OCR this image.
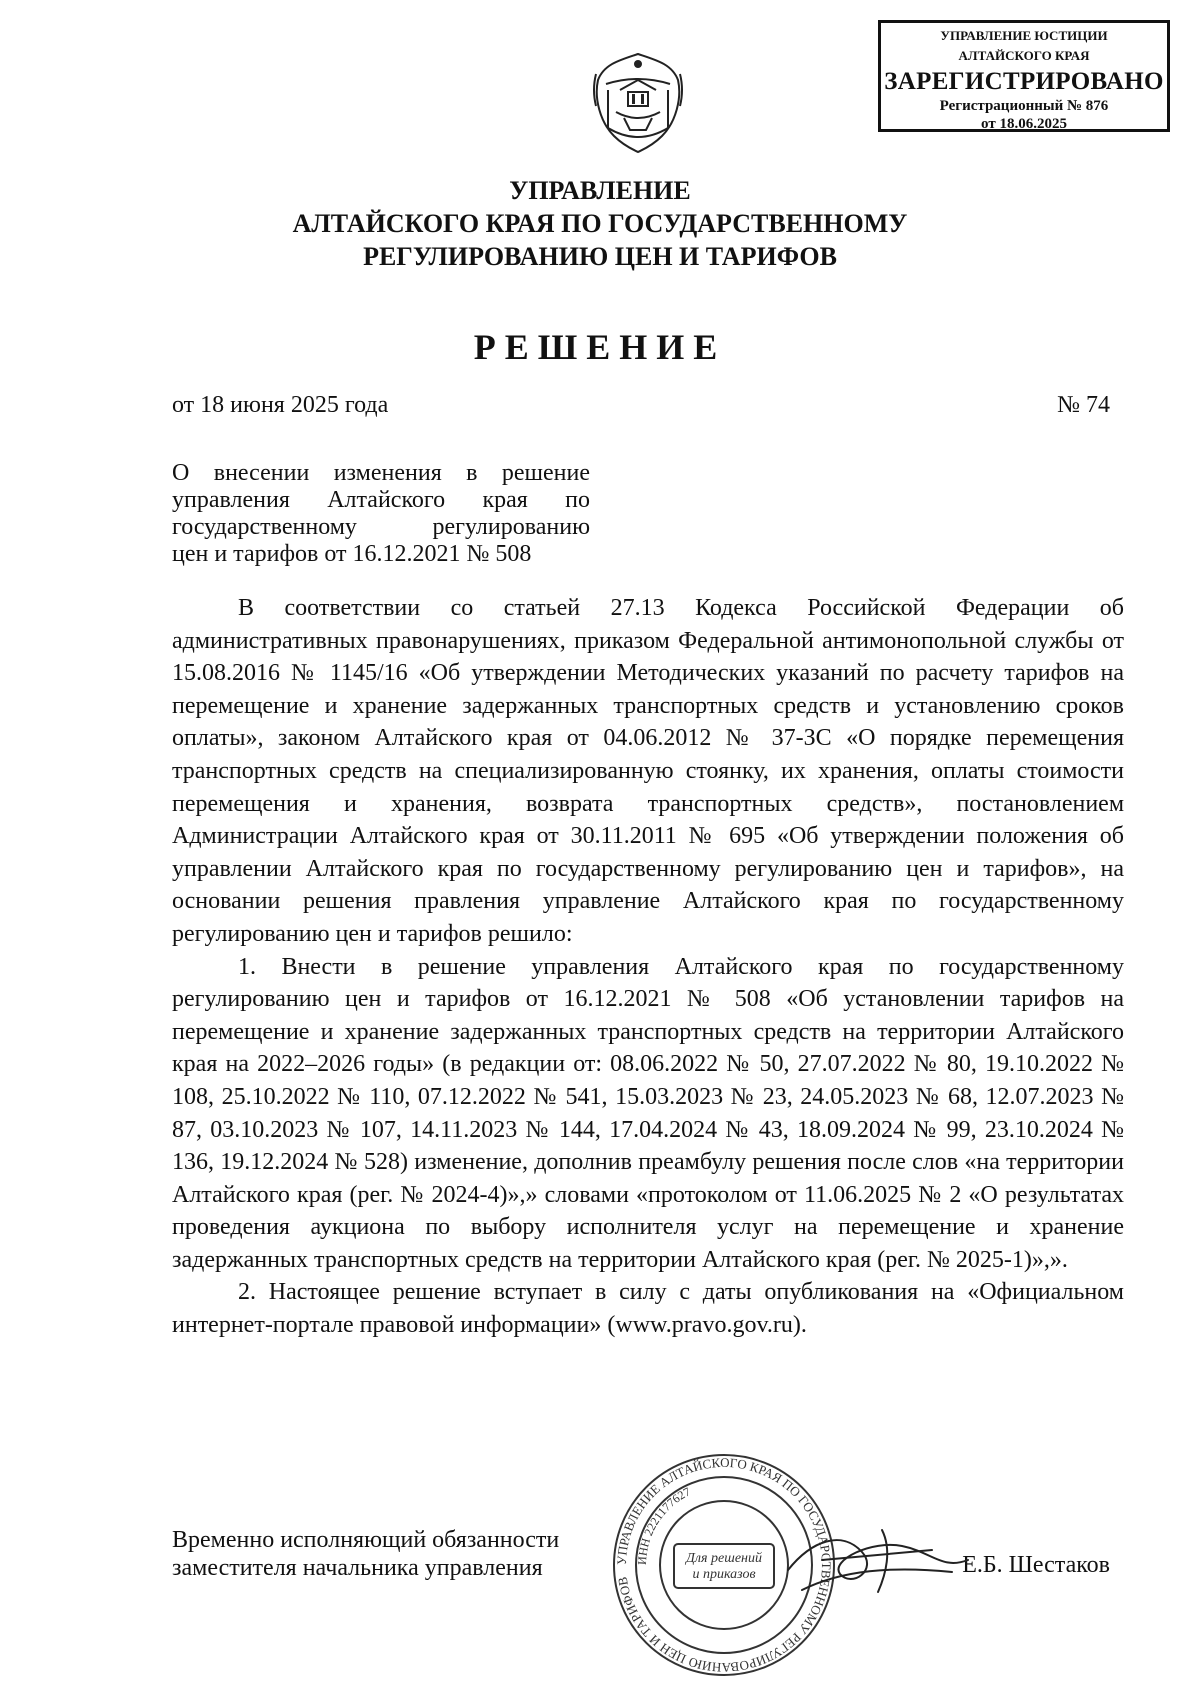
УПРАВЛЕНИЕ ЮСТИЦИИ
АЛТАЙСКОГО КРАЯ
ЗАРЕГИСТРИРОВАНО
Регистрационный № 876
от 18.06.2025
УПРАВЛЕНИЕ
АЛТАЙСКОГО КРАЯ ПО ГОСУДАРСТВЕННОМУ
РЕГУЛИРОВАНИЮ ЦЕН И ТАРИФОВ
РЕШЕНИЕ
от 18 июня 2025 года	№ 74
О внесении изменения в решение
управления Алтайского края по
государственному регулированию
цен и тарифов от 16.12.2021 № 508

В соответствии со статьей 27.13 Кодекса Российской Федерации об административных правонарушениях, приказом Федеральной антимонопольной службы от 15.08.2016 № 1145/16 «Об утверждении Методических указаний по расчету тарифов на перемещение и хранение задержанных транспортных средств и установлению сроков оплаты», законом Алтайского края от 04.06.2012 № 37-ЗС «О порядке перемещения транспортных средств на специализированную стоянку, их хранения, оплаты стоимости перемещения и хранения, возврата транспортных средств», постановлением Администрации Алтайского края от 30.11.2011 № 695 «Об утверждении положения об управлении Алтайского края по государственному регулированию цен и тарифов», на основании решения правления управление Алтайского края по государственному регулированию цен и тарифов решило:

1. Внести в решение управления Алтайского края по государственному регулированию цен и тарифов от 16.12.2021 № 508 «Об установлении тарифов на перемещение и хранение задержанных транспортных средств на территории Алтайского края на 2022–2026 годы» (в редакции от: 08.06.2022 № 50, 27.07.2022 № 80, 19.10.2022 № 108, 25.10.2022 № 110, 07.12.2022 № 541, 15.03.2023 № 23, 24.05.2023 № 68, 12.07.2023 № 87, 03.10.2023 № 107, 14.11.2023 № 144, 17.04.2024 № 43, 18.09.2024 № 99, 23.10.2024 № 136, 19.12.2024 № 528) изменение, дополнив преамбулу решения после слов «на территории Алтайского края (рег. № 2024-4)»,» словами «протоколом от 11.06.2025 № 2 «О результатах проведения аукциона по выбору исполнителя услуг на перемещение и хранение задержанных транспортных средств на территории Алтайского края (рег. № 2025-1)»,».

2. Настоящее решение вступает в силу с даты опубликования на «Официальном интернет-портале правовой информации» (www.pravo.gov.ru).

Временно исполняющий обязанности
заместителя начальника управления	Е.Б. Шестаков
УПРАВЛЕНИЕ АЛТАЙСКОГО КРАЯ ПО ГОСУДАРСТВЕННОМУ РЕГУЛИРОВАНИЮ ЦЕН И ТАРИФОВ
ИНН 2221177627
Для решений
и приказов
